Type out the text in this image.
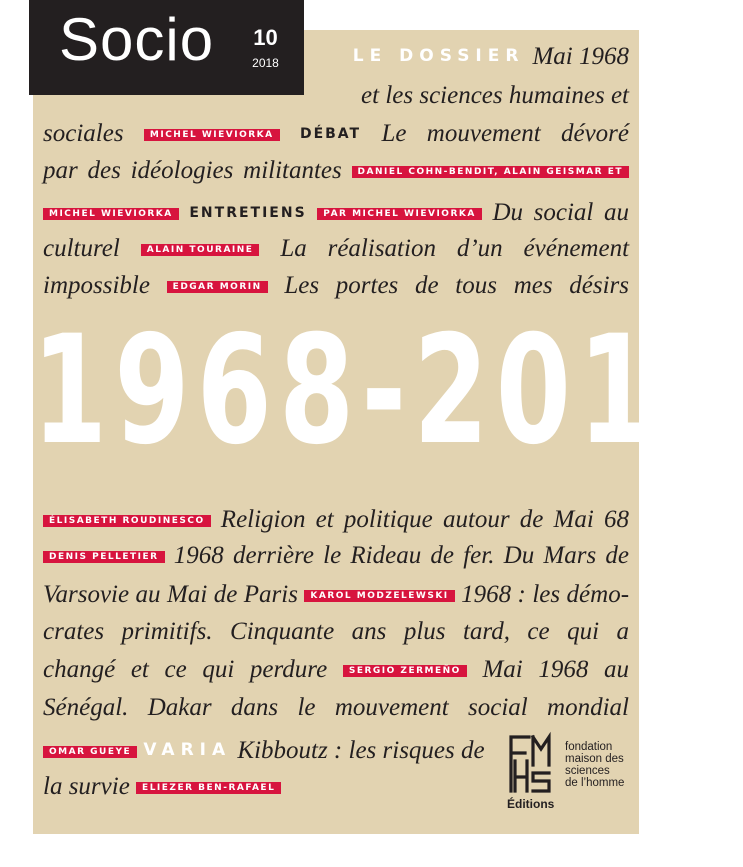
Socio	10
2018	LE DOSSIER Mai 1968
et les sciences humaines et
sociales	MICHEL WIEVIORKA DÉBAT Le mouvement dévoré
par des idéologies militantes DANIEL COHN-BENDIT, ALAIN GEISMAR ET
MICHEL WIEVIORKA ENTRETIENS PAR MICHEL WIEVIORKA Du social au
culturel	ALAIN TOURAINE La réalisation d’un événement
impossible	EDGAR MORIN Les portes de tous mes désirs
1968-2018
ÉLISABETH ROUDINESCO Religion et politique autour de Mai 68
DENIS PELLETIER 1968 derrière le Rideau de fer. Du Mars de
Varsovie au Mai de Paris KAROL MODZELEWSKI 1968 : les démo-
crates primitifs. Cinquante ans plus tard, ce qui a
changé et ce qui perdure SERGIO ZERMEÑO Mai 1968 au
Sénégal. Dakar dans le mouvement social mondial
OMAR GUEYE VARIA Kibboutz : les risques de
la survie ELIEZER BEN-RAFAEL
fondation
maison des
sciences
de l’homme
Éditions
